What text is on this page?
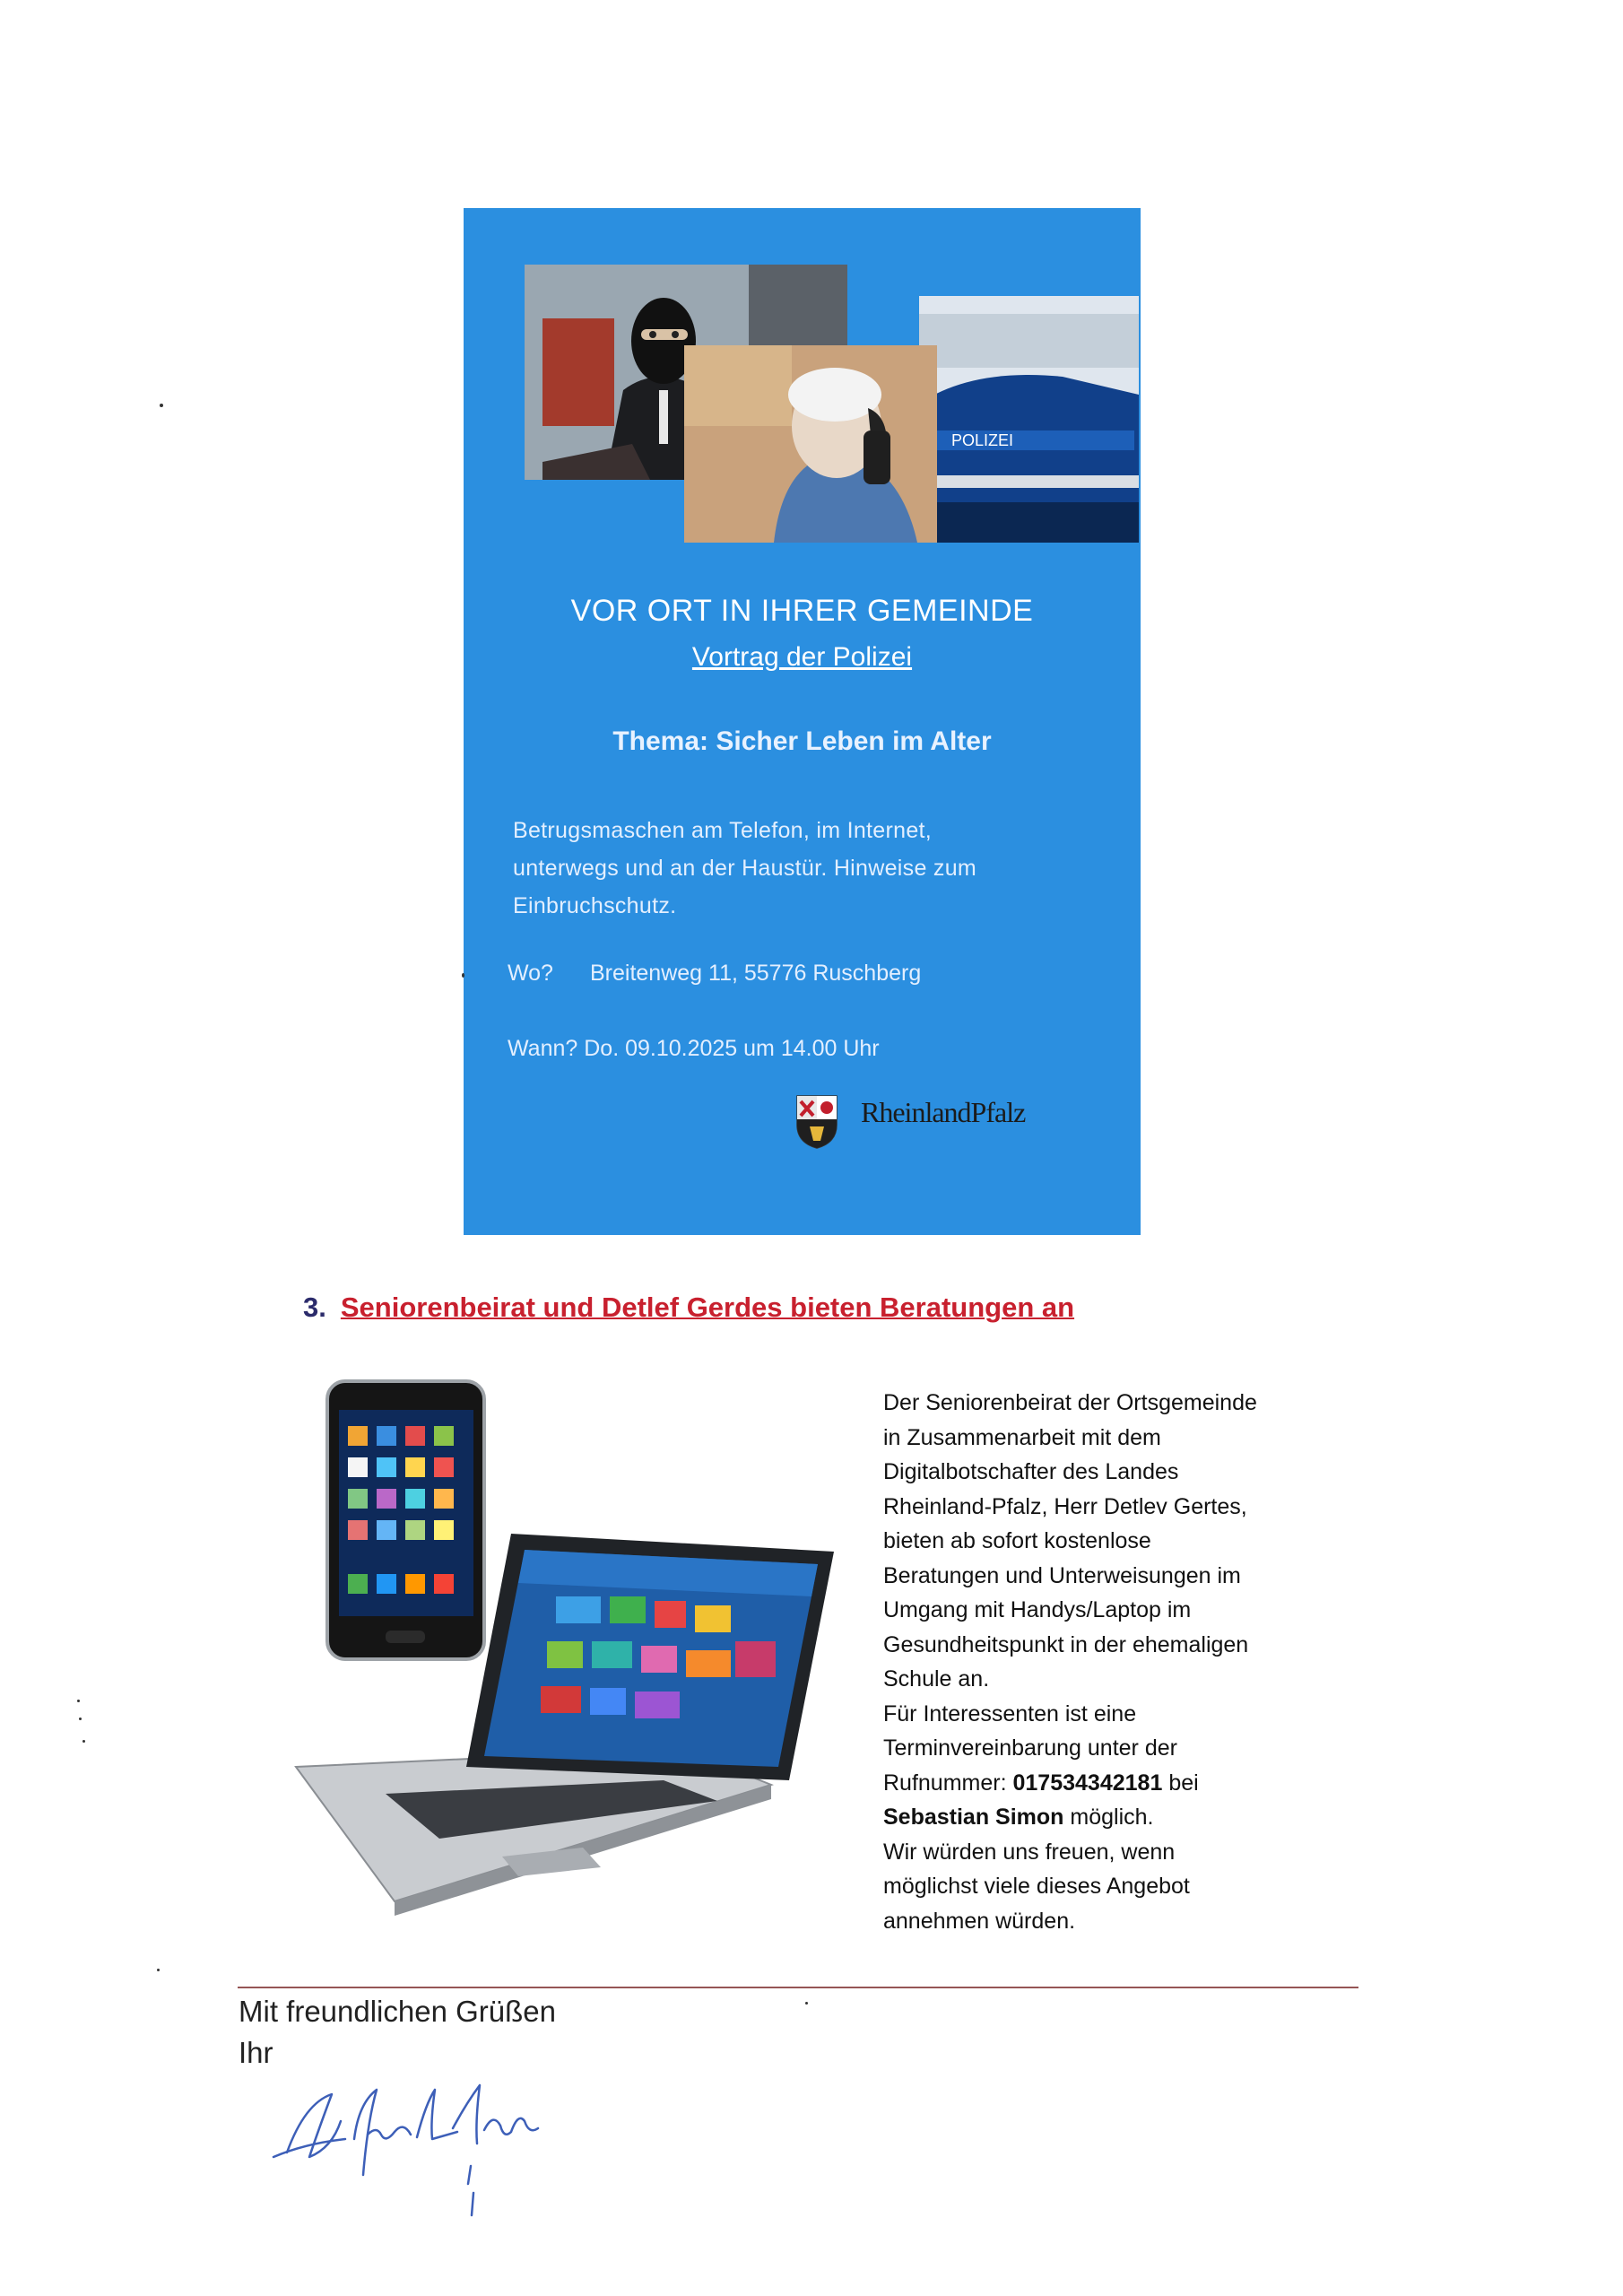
POLIZEI
VOR ORT IN IHRER GEMEINDE
Vortrag der Polizei
Thema: Sicher Leben im Alter
Betrugsmaschen am Telefon, im Internet,
unterwegs und an der Haustür. Hinweise zum
Einbruchschutz.
Wo? Breitenweg 11, 55776 Ruschberg
Wann? Do. 09.10.2025 um 14.00 Uhr
RheinlandPfalz
3. Seniorenbeirat und Detlef Gerdes bieten Beratungen an
Der Seniorenbeirat der Ortsgemeinde
in Zusammenarbeit mit dem
Digitalbotschafter des Landes
Rheinland-Pfalz, Herr Detlev Gertes,
bieten ab sofort kostenlose
Beratungen und Unterweisungen im
Umgang mit Handys/Laptop im
Gesundheitspunkt in der ehemaligen
Schule an.
Für Interessenten ist eine
Terminvereinbarung unter der
Rufnummer: 017534342181 bei
Sebastian Simon möglich.
Wir würden uns freuen, wenn
möglichst viele dieses Angebot
annehmen würden.
Mit freundlichen Grüßen
Ihr
